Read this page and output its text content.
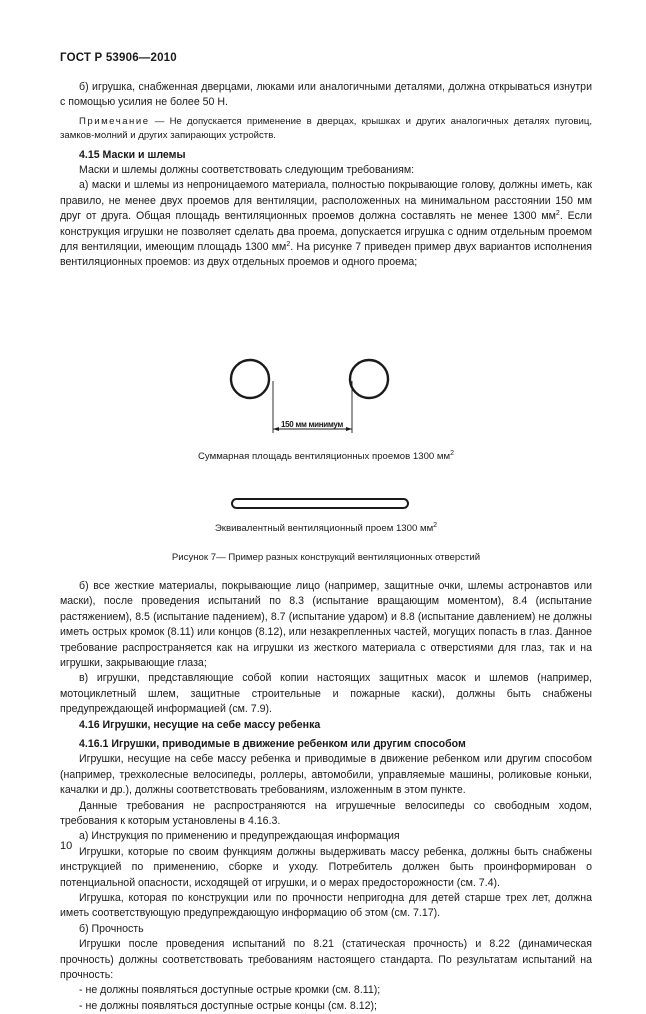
ГОСТ Р 53906—2010

б) игрушка, снабженная дверцами, люками или аналогичными деталями, должна открываться изнутри с помощью усилия не более 50 Н.

Примечание — Не допускается применение в дверцах, крышках и других аналогичных деталях пуговиц, замков-молний и других запирающих устройств.

4.15 Маски и шлемы

Маски и шлемы должны соответствовать следующим требованиям:

а) маски и шлемы из непроницаемого материала, полностью покрывающие голову, должны иметь, как правило, не менее двух проемов для вентиляции, расположенных на минимальном расстоянии 150 мм друг от друга. Общая площадь вентиляционных проемов должна составлять не менее 1300 $мм^2$. Если конструкция игрушки не позволяет сделать два проема, допускается игрушка с одним отдельным проемом для вентиляции, имеющим площадь 1300 $мм^2$. На рисунке 7 приведен пример двух вариантов исполнения вентиляционных проемов: из двух отдельных проемов и одного проема;

150 мм минимум
Суммарная площадь вентиляционных проемов 1300 $мм^2$
Эквивалентный вентиляционный проем 1300 $мм^2$
Рисунок 7— Пример разных конструкций вентиляционных отверстий

б) все жесткие материалы, покрывающие лицо (например, защитные очки, шлемы астронавтов или маски), после проведения испытаний по 8.3 (испытание вращающим моментом), 8.4 (испытание растяжением), 8.5 (испытание падением), 8.7 (испытание ударом) и 8.8 (испытание давлением) не должны иметь острых кромок (8.11) или концов (8.12), или незакрепленных частей, могущих попасть в глаз. Данное требование распространяется как на игрушки из жесткого материала с отверстиями для глаз, так и на игрушки, закрывающие глаза;

в) игрушки, представляющие собой копии настоящих защитных масок и шлемов (например, мотоциклетный шлем, защитные строительные и пожарные каски), должны быть снабжены предупреждающей информацией (см. 7.9).

4.16 Игрушки, несущие на себе массу ребенка

4.16.1 Игрушки, приводимые в движение ребенком или другим способом

Игрушки, несущие на себе массу ребенка и приводимые в движение ребенком или другим способом (например, трехколесные велосипеды, роллеры, автомобили, управляемые машины, роликовые коньки, качалки и др.), должны соответствовать требованиям, изложенным в этом пункте.

Данные требования не распространяются на игрушечные велосипеды со свободным ходом, требования к которым установлены в 4.16.3.

а) Инструкция по применению и предупреждающая информация

Игрушки, которые по своим функциям должны выдерживать массу ребенка, должны быть снабжены инструкцией по применению, сборке и уходу. Потребитель должен быть проинформирован о потенциальной опасности, исходящей от игрушки, и о мерах предосторожности (см. 7.4).

Игрушка, которая по конструкции или по прочности непригодна для детей старше трех лет, должна иметь соответствующую предупреждающую информацию об этом (см. 7.17).

б) Прочность

Игрушки после проведения испытаний по 8.21 (статическая прочность) и 8.22 (динамическая прочность) должны соответствовать требованиям настоящего стандарта. По результатам испытаний на прочность:

- не должны появляться доступные острые кромки (см. 8.11);

- не должны появляться доступные острые концы (см. 8.12);

10
